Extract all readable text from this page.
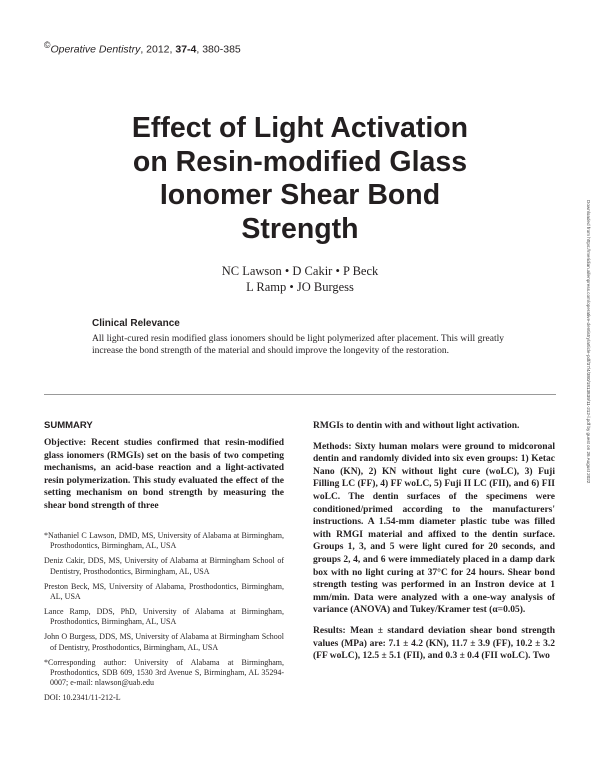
©Operative Dentistry, 2012, 37-4, 380-385
Effect of Light Activation
on Resin-modified Glass
Ionomer Shear Bond
Strength
NC Lawson • D Cakir • P Beck
L Ramp • JO Burgess
Clinical Relevance
All light-cured resin modified glass ionomers should be light polymerized after placement. This will greatly increase the bond strength of the material and should improve the longevity of the restoration.
SUMMARY

Objective: Recent studies confirmed that resin-modified glass ionomers (RMGIs) set on the basis of two competing mechanisms, an acid-base reaction and a light-activated resin polymerization. This study evaluated the effect of the setting mechanism on bond strength by measuring the shear bond strength of three

*Nathaniel C Lawson, DMD, MS, University of Alabama at Birmingham, Prosthodontics, Birmingham, AL, USA

Deniz Cakir, DDS, MS, University of Alabama at Birmingham School of Dentistry, Prosthodontics, Birmingham, AL, USA

Preston Beck, MS, University of Alabama, Prosthodontics, Birmingham, AL, USA

Lance Ramp, DDS, PhD, University of Alabama at Birmingham, Prosthodontics, Birmingham, AL, USA

John O Burgess, DDS, MS, University of Alabama at Birmingham School of Dentistry, Prosthodontics, Birmingham, AL, USA

*Corresponding author: University of Alabama at Birmingham, Prosthodontics, SDB 609, 1530 3rd Avenue S, Birmingham, AL 35294-0007; e-mail: nlawson@uab.edu

DOI: 10.2341/11-212-L

RMGIs to dentin with and without light activation.

Methods: Sixty human molars were ground to midcoronal dentin and randomly divided into six even groups: 1) Ketac Nano (KN), 2) KN without light cure (woLC), 3) Fuji Filling LC (FF), 4) FF woLC, 5) Fuji II LC (FII), and 6) FII woLC. The dentin surfaces of the specimens were conditioned/primed according to the manufacturers' instructions. A 1.54-mm diameter plastic tube was filled with RMGI material and affixed to the dentin surface. Groups 1, 3, and 5 were light cured for 20 seconds, and groups 2, 4, and 6 were immediately placed in a damp dark box with no light curing at 37°C for 24 hours. Shear bond strength testing was performed in an Instron device at 1 mm/min. Data were analyzed with a one-way analysis of variance (ANOVA) and Tukey/Kramer test (α=0.05).

Results: Mean ± standard deviation shear bond strength values (MPa) are: 7.1 ± 4.2 (KN), 11.7 ± 3.9 (FF), 10.2 ± 3.2 (FF woLC), 12.5 ± 5.1 (FII), and 0.3 ± 0.4 (FII woLC). Two

Downloaded from https://meridian.allenpress.com/operative-dentistry/article-pdf/37/4/380/1813839/11-212-l.pdf by guest on 26 August 2022
